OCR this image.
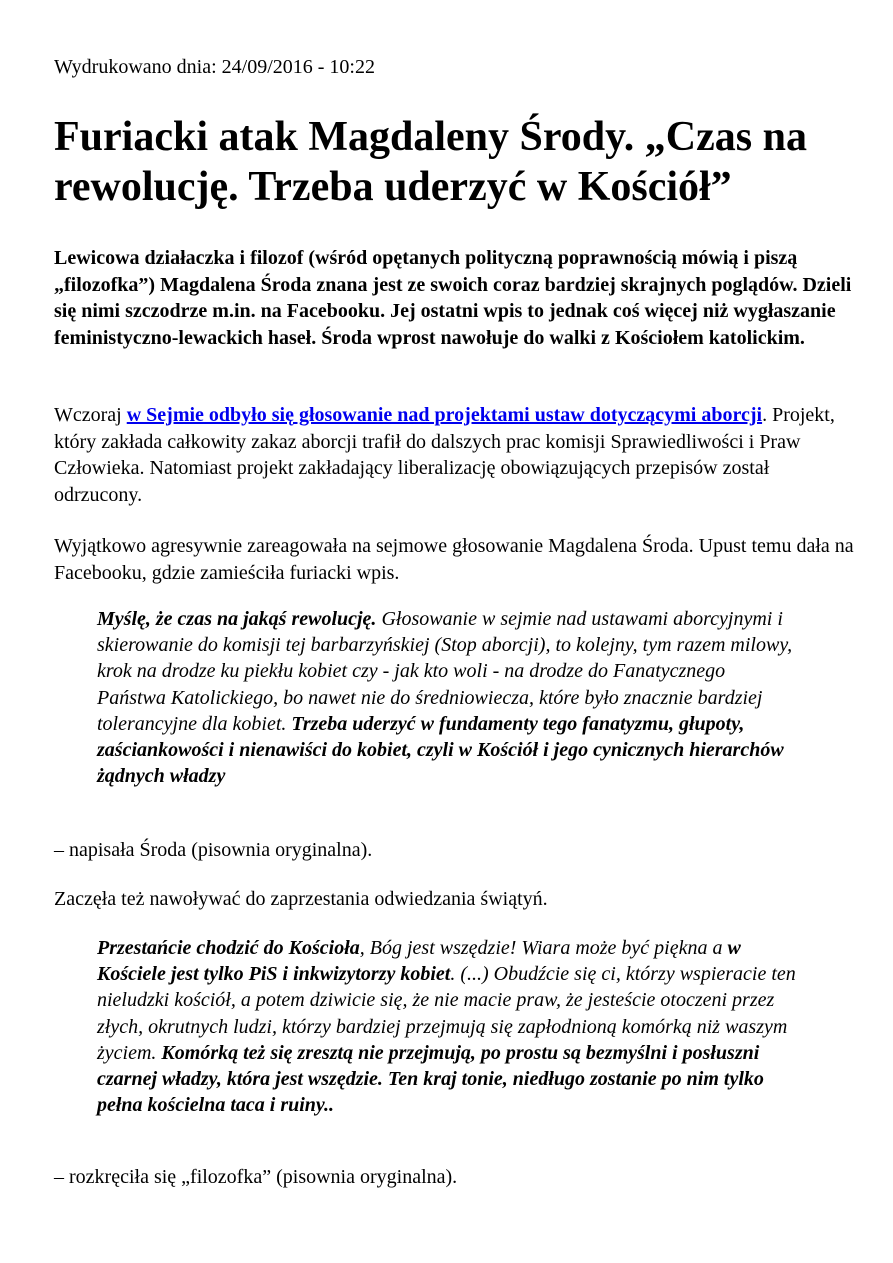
Wydrukowano dnia: 24/09/2016 - 10:22

Furiacki atak Magdaleny Środy. „Czas na rewolucję. Trzeba uderzyć w Kościół”

Lewicowa działaczka i filozof (wśród opętanych polityczną poprawnością mówią i piszą „filozofka”) Magdalena Środa znana jest ze swoich coraz bardziej skrajnych poglądów. Dzieli się nimi szczodrze m.in. na Facebooku. Jej ostatni wpis to jednak coś więcej niż wygłaszanie feministyczno-lewackich haseł. Środa wprost nawołuje do walki z Kościołem katolickim.

Wczoraj w Sejmie odbyło się głosowanie nad projektami ustaw dotyczącymi aborcji. Projekt, który zakłada całkowity zakaz aborcji trafił do dalszych prac komisji Sprawiedliwości i Praw Człowieka. Natomiast projekt zakładający liberalizację obowiązujących przepisów został odrzucony.

Wyjątkowo agresywnie zareagowała na sejmowe głosowanie Magdalena Środa. Upust temu dała na Facebooku, gdzie zamieściła furiacki wpis.

Myślę, że czas na jakąś rewolucję. Głosowanie w sejmie nad ustawami aborcyjnymi i skierowanie do komisji tej barbarzyńskiej (Stop aborcji), to kolejny, tym razem milowy, krok na drodze ku piekłu kobiet czy - jak kto woli - na drodze do Fanatycznego Państwa Katolickiego, bo nawet nie do średniowiecza, które było znacznie bardziej tolerancyjne dla kobiet. Trzeba uderzyć w fundamenty tego fanatyzmu, głupoty, zaściankowości i nienawiści do kobiet, czyli w Kościół i jego cynicznych hierarchów żądnych władzy

– napisała Środa (pisownia oryginalna).

Zaczęła też nawoływać do zaprzestania odwiedzania świątyń.

Przestańcie chodzić do Kościoła, Bóg jest wszędzie! Wiara może być piękna a w Kościele jest tylko PiS i inkwizytorzy kobiet. (...) Obudźcie się ci, którzy wspieracie ten nieludzki kościół, a potem dziwicie się, że nie macie praw, że jesteście otoczeni przez złych, okrutnych ludzi, którzy bardziej przejmują się zapłodnioną komórką niż waszym życiem. Komórką też się zresztą nie przejmują, po prostu są bezmyślni i posłuszni czarnej władzy, która jest wszędzie. Ten kraj tonie, niedługo zostanie po nim tylko pełna kościelna taca i ruiny..

– rozkręciła się „filozofka” (pisownia oryginalna).
